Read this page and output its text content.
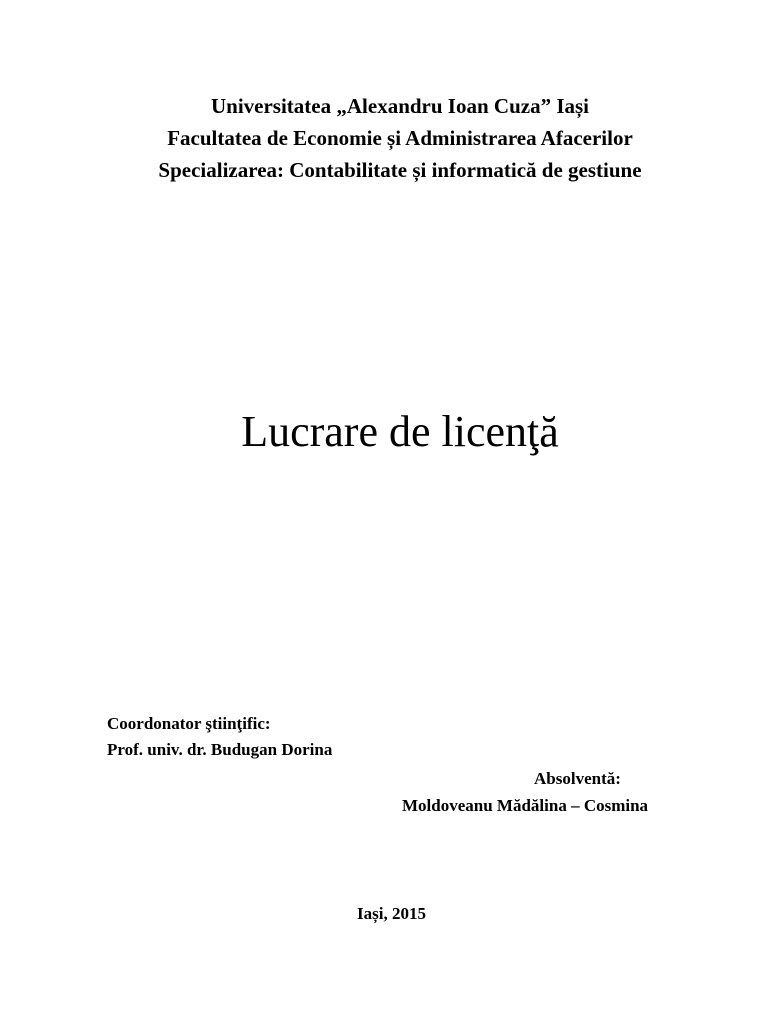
Universitatea „Alexandru Ioan Cuza” Iași
Facultatea de Economie și Administrarea Afacerilor
Specializarea: Contabilitate și informatică de gestiune
Lucrare de licenţă
Coordonator ştiinţific:
Prof. univ. dr. Budugan Dorina
Absolventă:
Moldoveanu Mădălina – Cosmina
Iași, 2015
